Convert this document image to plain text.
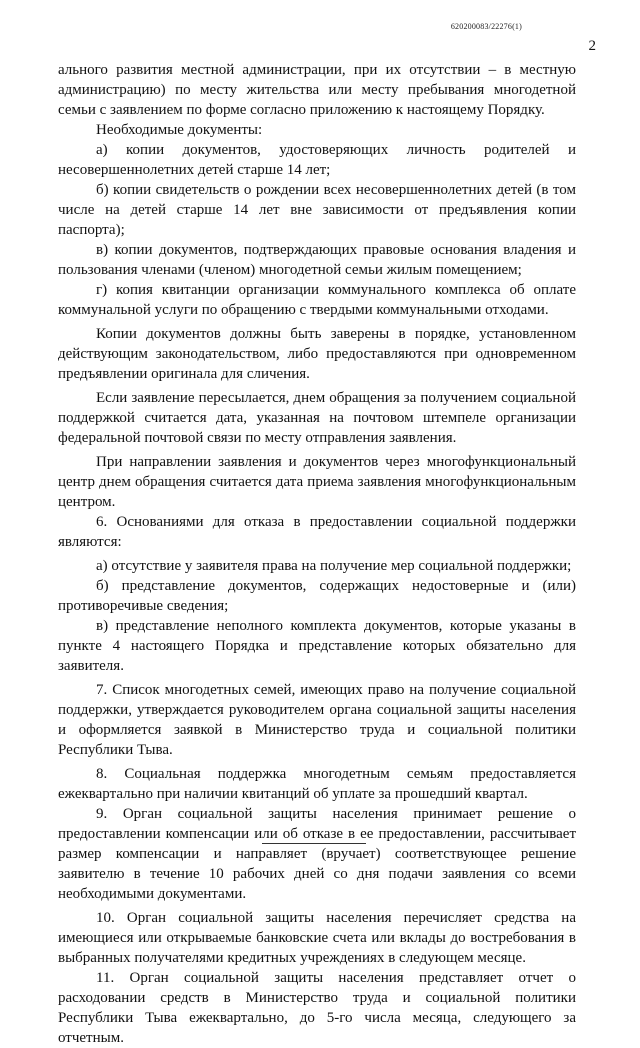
620200083/22276(1)
2

ального развития местной администрации, при их отсутствии – в местную администрацию) по месту жительства или месту пребывания многодетной семьи с заявлением по форме согласно приложению к настоящему Порядку.

Необходимые документы:

а) копии документов, удостоверяющих личность родителей и несовершеннолетних детей старше 14 лет;

б) копии свидетельств о рождении всех несовершеннолетних детей (в том числе на детей старше 14 лет вне зависимости от предъявления копии паспорта);

в) копии документов, подтверждающих правовые основания владения и пользования членами (членом) многодетной семьи жилым помещением;

г) копия квитанции организации коммунального комплекса об оплате коммунальной услуги по обращению с твердыми коммунальными отходами.

Копии документов должны быть заверены в порядке, установленном действующим законодательством, либо предоставляются при одновременном предъявлении оригинала для сличения.

Если заявление пересылается, днем обращения за получением социальной поддержкой считается дата, указанная на почтовом штемпеле организации федеральной почтовой связи по месту отправления заявления.

При направлении заявления и документов через многофункциональный центр днем обращения считается дата приема заявления многофункциональным центром.

6. Основаниями для отказа в предоставлении социальной поддержки являются:

а) отсутствие у заявителя права на получение мер социальной поддержки;

б) представление документов, содержащих недостоверные и (или) противоречивые сведения;

в) представление неполного комплекта документов, которые указаны в пункте 4 настоящего Порядка и представление которых обязательно для заявителя.

7. Список многодетных семей, имеющих право на получение социальной поддержки, утверждается руководителем органа социальной защиты населения и оформляется заявкой в Министерство труда и социальной политики Республики Тыва.

8. Социальная поддержка многодетным семьям предоставляется ежеквартально при наличии квитанций об уплате за прошедший квартал.

9. Орган социальной защиты населения принимает решение о предоставлении компенсации или об отказе в ее предоставлении, рассчитывает размер компенсации и направляет (вручает) соответствующее решение заявителю в течение 10 рабочих дней со дня подачи заявления со всеми необходимыми документами.

10. Орган социальной защиты населения перечисляет средства на имеющиеся или открываемые банковские счета или вклады до востребования в выбранных получателями кредитных учреждениях в следующем месяце.

11. Орган социальной защиты населения представляет отчет о расходовании средств в Министерство труда и социальной политики Республики Тыва ежеквартально, до 5-го числа месяца, следующего за отчетным.
